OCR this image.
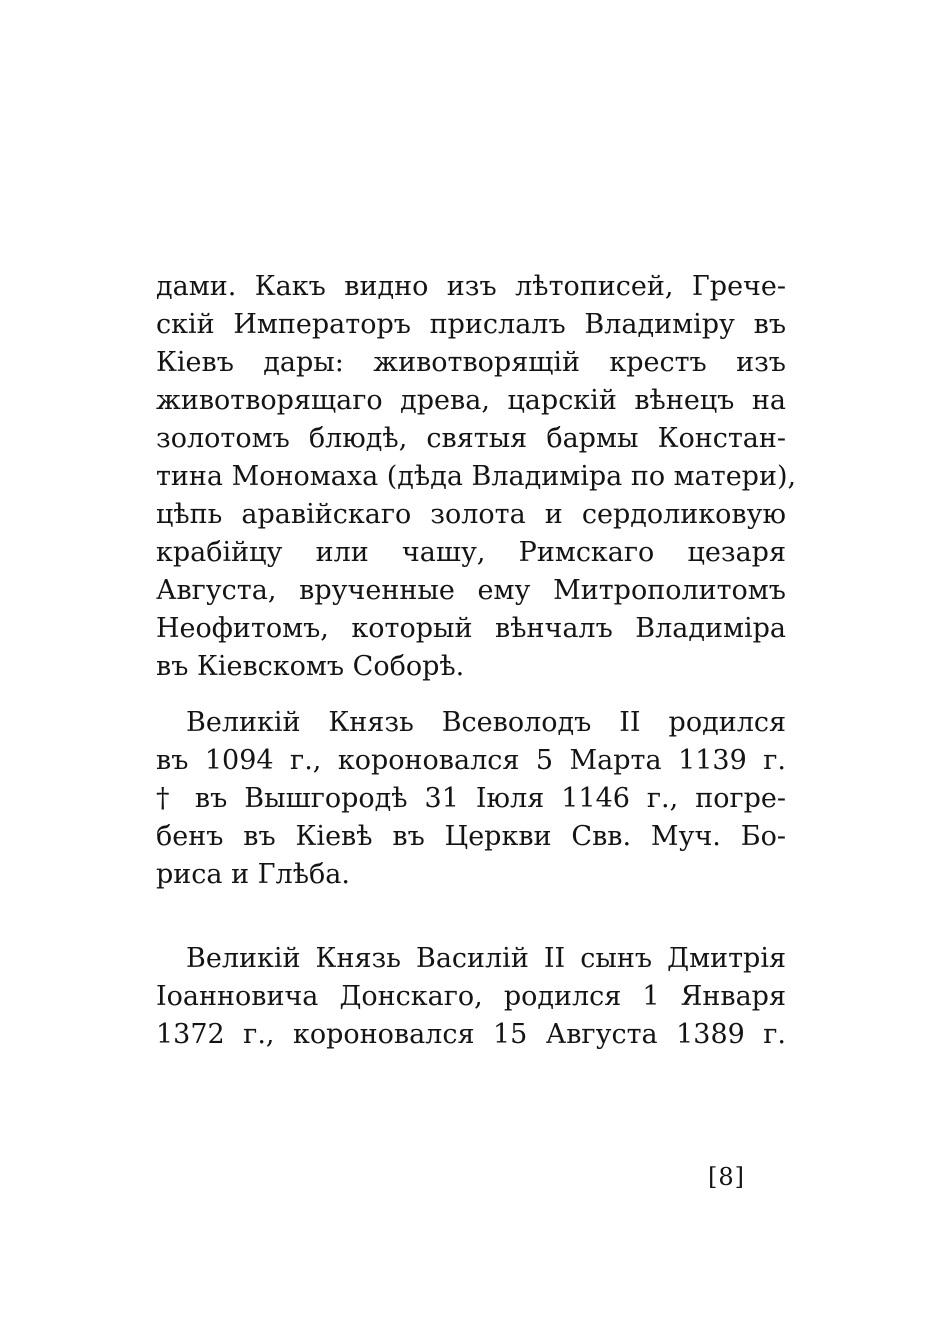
дами. Какъ видно изъ лѣтописей, Грече-
скій Императоръ прислалъ Владиміру въ
Кіевъ дары: животворящій крестъ изъ
животворящаго древа, царскій вѣнецъ на
золотомъ блюдѣ, святыя бармы Констан-
тина Мономаха (дѣда Владиміра по матери),
цѣпь аравійскаго золота и сердоликовую
крабійцу или чашу, Римскаго цезаря
Августа, врученные ему Митрополитомъ
Неофитомъ, который вѣнчалъ Владиміра
въ Кіевскомъ Соборѣ.

Великій Князь Всеволодъ II родился
въ 1094 г., короновался 5 Марта 1139 г.
† въ Вышгородѣ 31 Іюля 1146 г., погре-
бенъ въ Кіевѣ въ Церкви Свв. Муч. Бо-
риса и Глѣба.

Великій Князь Василій II сынъ Дмитрія
Іоанновича Донскаго, родился 1 Января
1372 г., короновался 15 Августа 1389 г.

[8]
